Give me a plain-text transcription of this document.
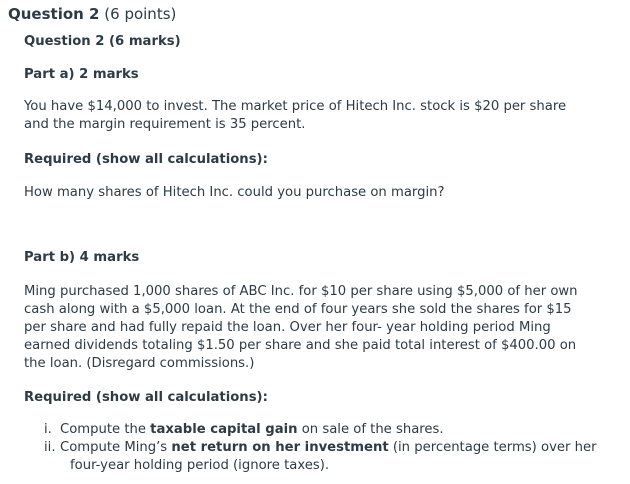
Question 2 (6 points)
Question 2 (6 marks)
Part a) 2 marks
You have $14,000 to invest. The market price of Hitech Inc. stock is $20 per share
and the margin requirement is 35 percent.
Required (show all calculations):
How many shares of Hitech Inc. could you purchase on margin?
Part b) 4 marks
Ming purchased 1,000 shares of ABC Inc. for $10 per share using $5,000 of her own
cash along with a $5,000 loan. At the end of four years she sold the shares for $15
per share and had fully repaid the loan. Over her four- year holding period Ming
earned dividends totaling $1.50 per share and she paid total interest of $400.00 on
the loan. (Disregard commissions.)
Required (show all calculations):
i. Compute the taxable capital gain on sale of the shares.
ii. Compute Ming’s net return on her investment (in percentage terms) over her
four-year holding period (ignore taxes).
